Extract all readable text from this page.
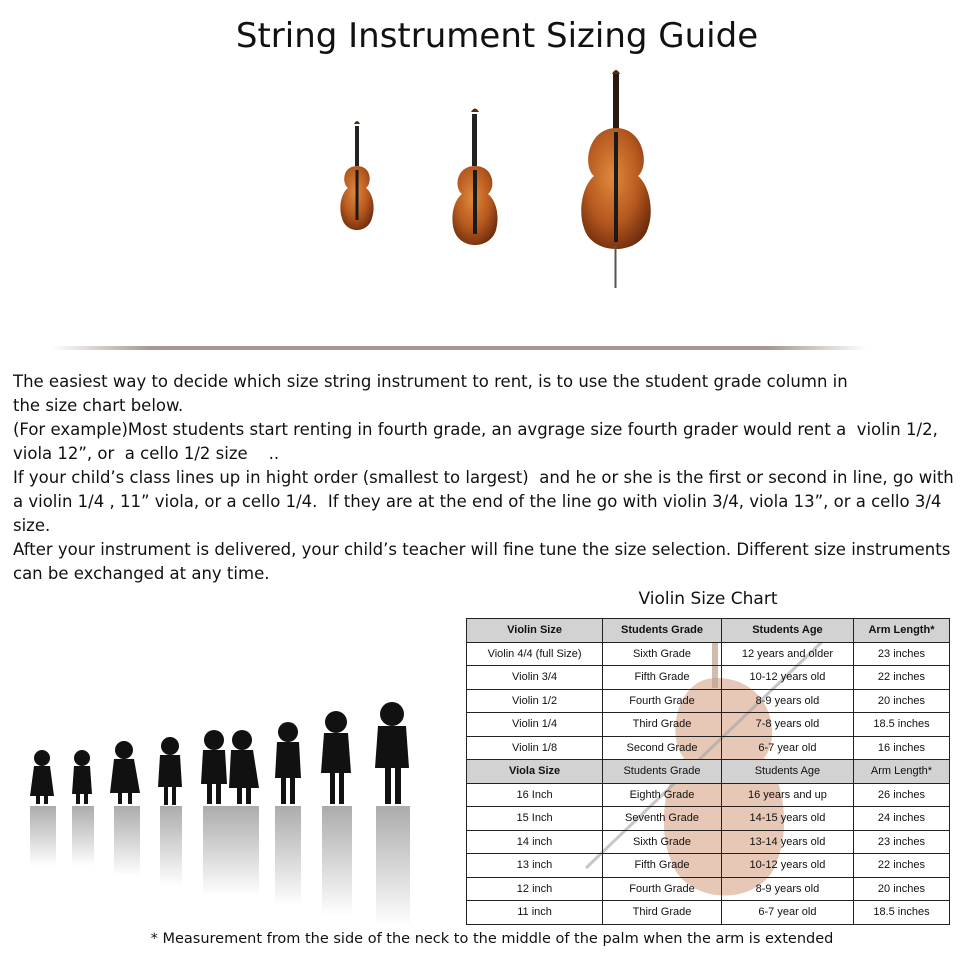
String Instrument Sizing Guide

The easiest way to decide which size string instrument to rent, is to use the student grade column in

the size chart below.

(For example)Most students start renting in fourth grade, an avgrage size fourth grader would rent a  violin 1/2,

viola 12”, or  a cello 1/2 size    ..

If your child’s class lines up in hight order (smallest to largest)  and he or she is the first or second in line, go with

a violin 1/4 , 11” viola, or a cello 1/4.  If they are at the end of the line go with violin 3/4, viola 13”, or a cello 3/4 size.

After your instrument is delivered, your child’s teacher will fine tune the size selection. Different size instruments

can be exchanged at any time.

Violin Size Chart
Violin Size	Students Grade	Students Age	Arm Length*
Violin 4/4 (full Size)	Sixth Grade	12 years and older	23 inches
Violin 3/4	Fifth Grade	10-12 years old	22 inches
Violin 1/2	Fourth Grade	8-9 years old	20 inches
Violin 1/4	Third Grade	7-8 years old	18.5 inches
Violin 1/8	Second Grade	6-7 year old	16 inches
Viola Size	Students Grade	Students Age	Arm Length*
16 Inch	Eighth Grade	16 years and up	26 inches
15 Inch	Seventh Grade	14-15 years old	24 inches
14 inch	Sixth Grade	13-14 years old	23 inches
13 inch	Fifth Grade	10-12 years old	22 inches
12 inch	Fourth Grade	8-9 years old	20 inches
11 inch	Third Grade	6-7 year old	18.5 inches
* Measurement from the side of the neck to the middle of the palm when the arm is extended
